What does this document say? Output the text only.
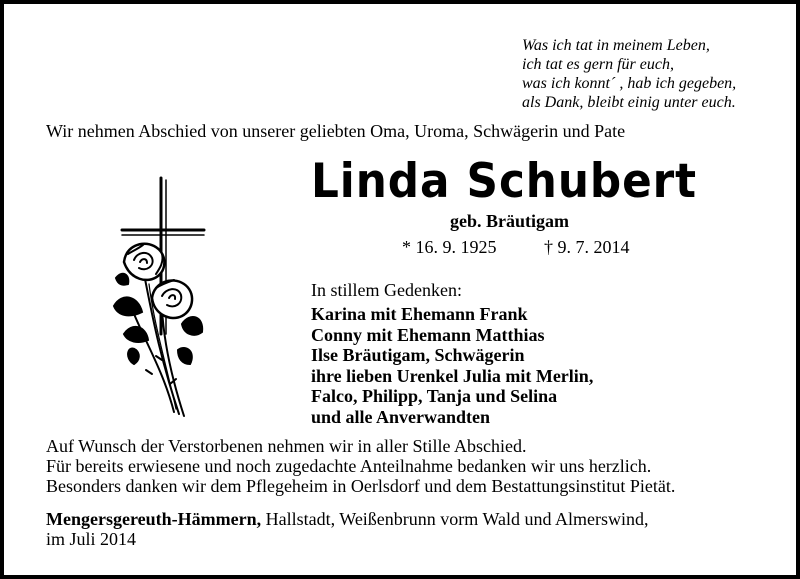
Was ich tat in meinem Leben,
ich tat es gern für euch,
was ich konnt´ , hab ich gegeben,
als Dank, bleibt einig unter euch.
Wir nehmen Abschied von unserer geliebten Oma, Uroma, Schwägerin und Pate
Linda Schubert
geb. Bräutigam
* 16. 9. 1925	† 9. 7. 2014
In stillem Gedenken:
Karina mit Ehemann Frank
Conny mit Ehemann Matthias
Ilse Bräutigam, Schwägerin
ihre lieben Urenkel Julia mit Merlin,
Falco, Philipp, Tanja und Selina
und alle Anverwandten
Auf Wunsch der Verstorbenen nehmen wir in aller Stille Abschied.
Für bereits erwiesene und noch zugedachte Anteilnahme bedanken wir uns herzlich.
Besonders danken wir dem Pflegeheim in Oerlsdorf und dem Bestattungsinstitut Pietät.
Mengersgereuth-Hämmern, Hallstadt, Weißenbrunn vorm Wald und Almerswind,
im Juli 2014
